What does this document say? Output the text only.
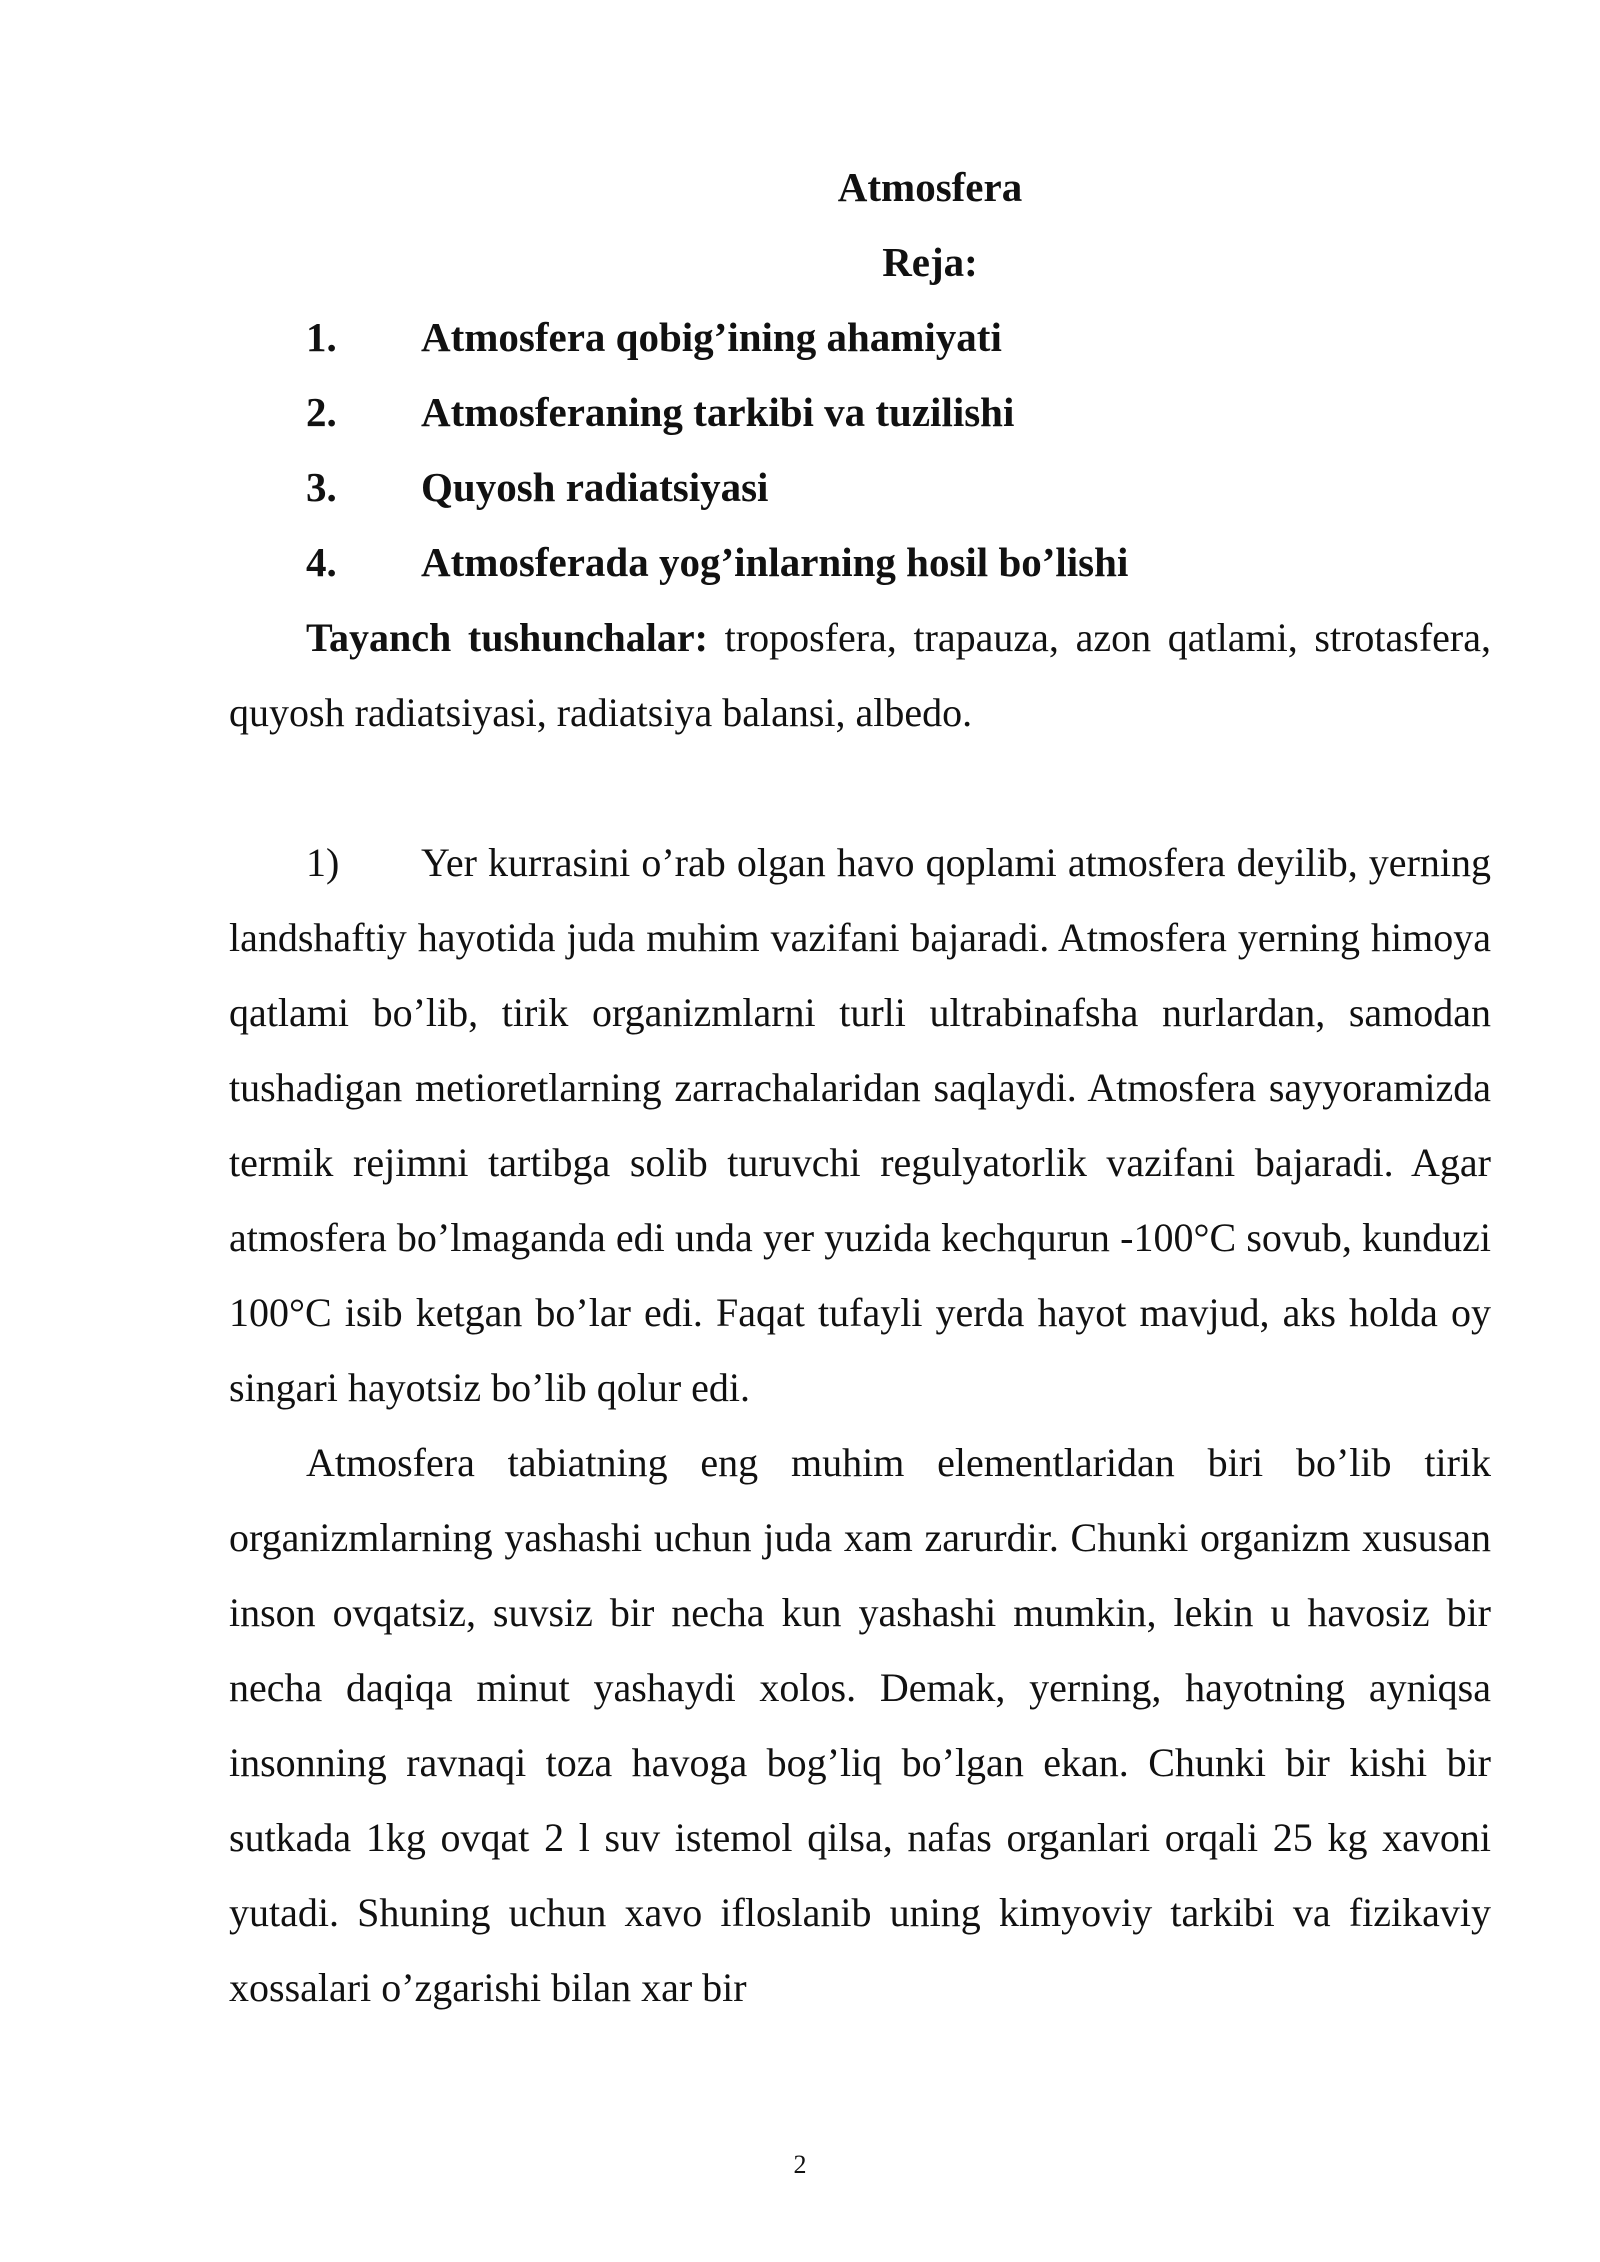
Atmosfera
Reja:
1. Atmosfera qobig’ining ahamiyati
2. Atmosferaning tarkibi va tuzilishi
3. Quyosh radiatsiyasi
4. Atmosferada yog’inlarning hosil bo’lishi

Tayanch tushunchalar: troposfera, trapauza, azon qatlami, strotasfera, quyosh radiatsiyasi, radiatsiya balansi, albedo.

1) Yer kurrasini o’rab olgan havo qoplami atmosfera deyilib, yerning landshaftiy hayotida juda muhim vazifani bajaradi. Atmosfera yerning himoya qatlami bo’lib, tirik organizmlarni turli ultrabinafsha nurlardan, samodan tushadigan metioretlarning zarrachalaridan saqlaydi. Atmosfera sayyoramizda termik rejimni tartibga solib turuvchi regulyatorlik vazifani bajaradi. Agar atmosfera bo’lmaganda edi unda yer yuzida kechqurun -100°C sovub, kunduzi 100°C isib ketgan bo’lar edi. Faqat tufayli yerda hayot mavjud, aks holda oy singari hayotsiz bo’lib qolur edi.

Atmosfera tabiatning eng muhim elementlaridan biri bo’lib tirik organizmlarning yashashi uchun juda xam zarurdir. Chunki organizm xususan inson ovqatsiz, suvsiz bir necha kun yashashi mumkin, lekin u havosiz bir necha daqiqa minut yashaydi xolos. Demak, yerning, hayotning ayniqsa insonning ravnaqi toza havoga bog’liq bo’lgan ekan. Chunki bir kishi bir sutkada 1kg ovqat 2 l suv istemol qilsa, nafas organlari orqali 25 kg xavoni yutadi. Shuning uchun xavo ifloslanib uning kimyoviy tarkibi va fizikaviy xossalari o’zgarishi bilan xar bir

2
